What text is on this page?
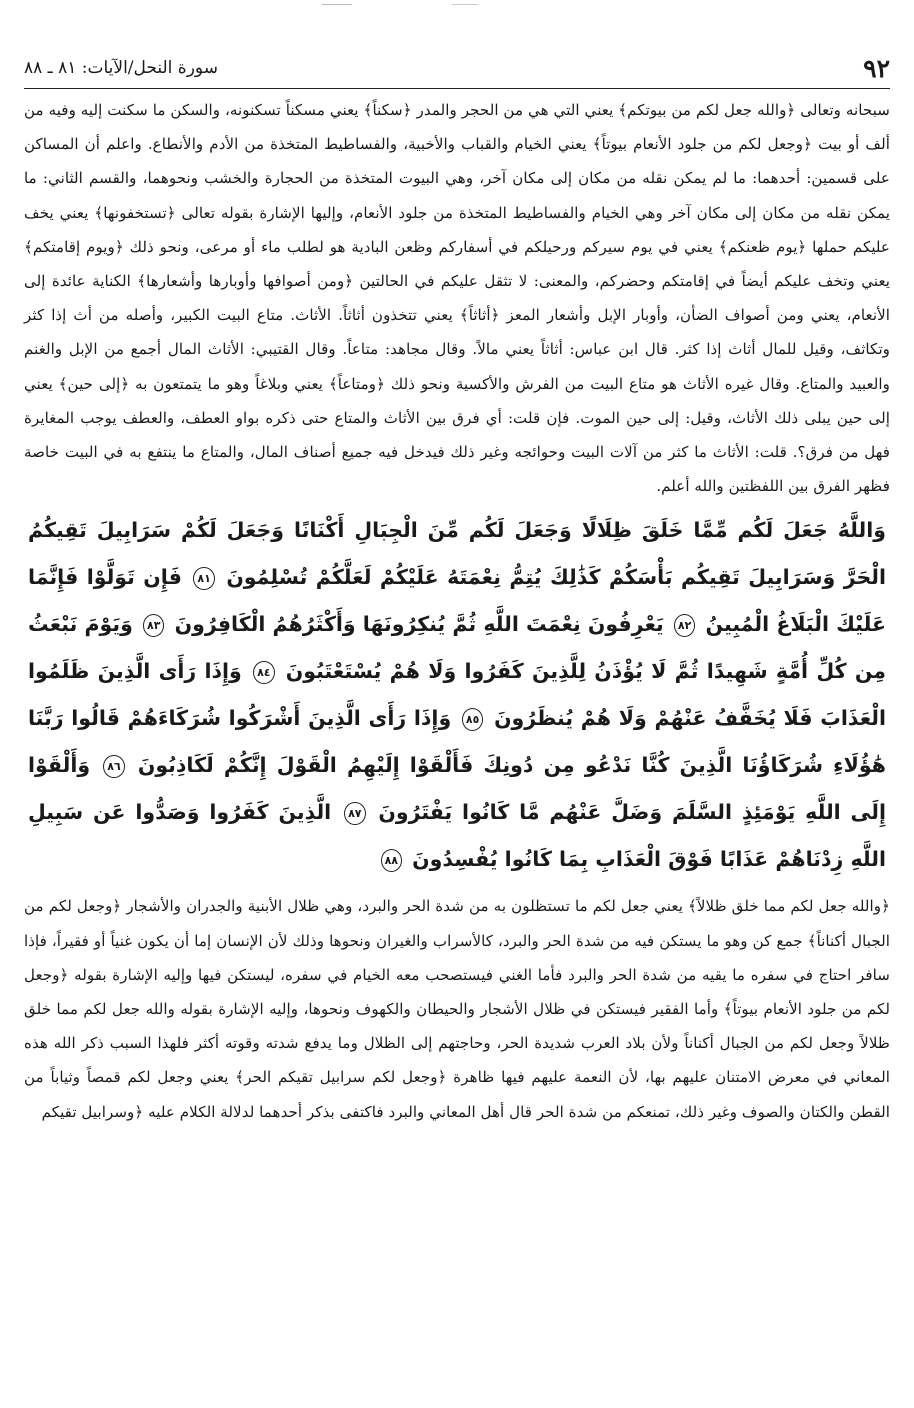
٩٢
سورة النحل/الآيات: ٨١ ـ ٨٨

سبحانه وتعالى ﴿والله جعل لكم من بيوتكم﴾ يعني التي هي من الحجر والمدر ﴿سكناً﴾ يعني مسكناً تسكنونه، والسكن ما سكنت إليه وفيه من ألف أو بيت ﴿وجعل لكم من جلود الأنعام بيوتاً﴾ يعني الخيام والقباب والأخبية، والفساطيط المتخذة من الأدم والأنطاع. واعلم أن المساكن على قسمين: أحدهما: ما لم يمكن نقله من مكان إلى مكان آخر، وهي البيوت المتخذة من الحجارة والخشب ونحوهما، والقسم الثاني: ما يمكن نقله من مكان إلى مكان آخر وهي الخيام والفساطيط المتخذة من جلود الأنعام، وإليها الإشارة بقوله تعالى ﴿تستخفونها﴾ يعني يخف عليكم حملها ﴿يوم ظعنكم﴾ يعني في يوم سيركم ورحيلكم في أسفاركم وظعن البادية هو لطلب ماء أو مرعى، ونحو ذلك ﴿ويوم إقامتكم﴾ يعني وتخف عليكم أيضاً في إقامتكم وحضركم، والمعنى: لا تثقل عليكم في الحالتين ﴿ومن أصوافها وأوبارها وأشعارها﴾ الكناية عائدة إلى الأنعام، يعني ومن أصواف الضأن، وأوبار الإبل وأشعار المعز ﴿أثاثاً﴾ يعني تتخذون أثاثاً. الأثاث. متاع البيت الكبير، وأصله من أث إذا كثر وتكاثف، وقيل للمال أثاث إذا كثر. قال ابن عباس: أثاثاً يعني مالاً. وقال مجاهد: متاعاً. وقال القتيبي: الأثاث المال أجمع من الإبل والغنم والعبيد والمتاع. وقال غيره الأثاث هو متاع البيت من الفرش والأكسية ونحو ذلك ﴿ومتاعاً﴾ يعني وبلاغاً وهو ما يتمتعون به ﴿إلى حين﴾ يعني إلى حين يبلى ذلك الأثاث، وقيل: إلى حين الموت. فإن قلت: أي فرق بين الأثاث والمتاع حتى ذكره بواو العطف، والعطف يوجب المغايرة فهل من فرق؟. قلت: الأثاث ما كثر من آلات البيت وحوائجه وغير ذلك فيدخل فيه جميع أصناف المال، والمتاع ما ينتفع به في البيت خاصة فظهر الفرق بين اللفظتين والله أعلم.

وَاللَّهُ جَعَلَ لَكُم مِّمَّا خَلَقَ ظِلَالًا وَجَعَلَ لَكُم مِّنَ الْجِبَالِ أَكْنَانًا وَجَعَلَ لَكُمْ سَرَابِيلَ تَقِيكُمُ الْحَرَّ وَسَرَابِيلَ تَقِيكُم بَأْسَكُمْ كَذَٰلِكَ يُتِمُّ نِعْمَتَهُ عَلَيْكُمْ لَعَلَّكُمْ تُسْلِمُونَ ٨١ فَإِن تَوَلَّوْا فَإِنَّمَا عَلَيْكَ الْبَلَاغُ الْمُبِينُ ٨٢ يَعْرِفُونَ نِعْمَتَ اللَّهِ ثُمَّ يُنكِرُونَهَا وَأَكْثَرُهُمُ الْكَافِرُونَ ٨٣ وَيَوْمَ نَبْعَثُ مِن كُلِّ أُمَّةٍ شَهِيدًا ثُمَّ لَا يُؤْذَنُ لِلَّذِينَ كَفَرُوا وَلَا هُمْ يُسْتَعْتَبُونَ ٨٤ وَإِذَا رَأَى الَّذِينَ ظَلَمُوا الْعَذَابَ فَلَا يُخَفَّفُ عَنْهُمْ وَلَا هُمْ يُنظَرُونَ ٨٥ وَإِذَا رَأَى الَّذِينَ أَشْرَكُوا شُرَكَاءَهُمْ قَالُوا رَبَّنَا هَٰؤُلَاءِ شُرَكَاؤُنَا الَّذِينَ كُنَّا نَدْعُو مِن دُونِكَ فَأَلْقَوْا إِلَيْهِمُ الْقَوْلَ إِنَّكُمْ لَكَاذِبُونَ ٨٦ وَأَلْقَوْا إِلَى اللَّهِ يَوْمَئِذٍ السَّلَمَ وَضَلَّ عَنْهُم مَّا كَانُوا يَفْتَرُونَ ٨٧ الَّذِينَ كَفَرُوا وَصَدُّوا عَن سَبِيلِ اللَّهِ زِدْنَاهُمْ عَذَابًا فَوْقَ الْعَذَابِ بِمَا كَانُوا يُفْسِدُونَ ٨٨

﴿والله جعل لكم مما خلق ظلالاً﴾ يعني جعل لكم ما تستظلون به من شدة الحر والبرد، وهي ظلال الأبنية والجدران والأشجار ﴿وجعل لكم من الجبال أكناناً﴾ جمع كن وهو ما يستكن فيه من شدة الحر والبرد، كالأسراب والغيران ونحوها وذلك لأن الإنسان إما أن يكون غنياً أو فقيراً، فإذا سافر احتاج في سفره ما يقيه من شدة الحر والبرد فأما الغني فيستصحب معه الخيام في سفره، ليستكن فيها وإليه الإشارة بقوله ﴿وجعل لكم من جلود الأنعام بيوتاً﴾ وأما الفقير فيستكن في ظلال الأشجار والحيطان والكهوف ونحوها، وإليه الإشارة بقوله والله جعل لكم مما خلق ظلالاً وجعل لكم من الجبال أكناناً ولأن بلاد العرب شديدة الحر، وحاجتهم إلى الظلال وما يدفع شدته وقوته أكثر فلهذا السبب ذكر الله هذه المعاني في معرض الامتنان عليهم بها، لأن النعمة عليهم فيها ظاهرة ﴿وجعل لكم سرابيل تقيكم الحر﴾ يعني وجعل لكم قمصاً وثياباً من القطن والكتان والصوف وغير ذلك، تمنعكم من شدة الحر قال أهل المعاني والبرد فاكتفى بذكر أحدهما لدلالة الكلام عليه ﴿وسرابيل تقيكم
